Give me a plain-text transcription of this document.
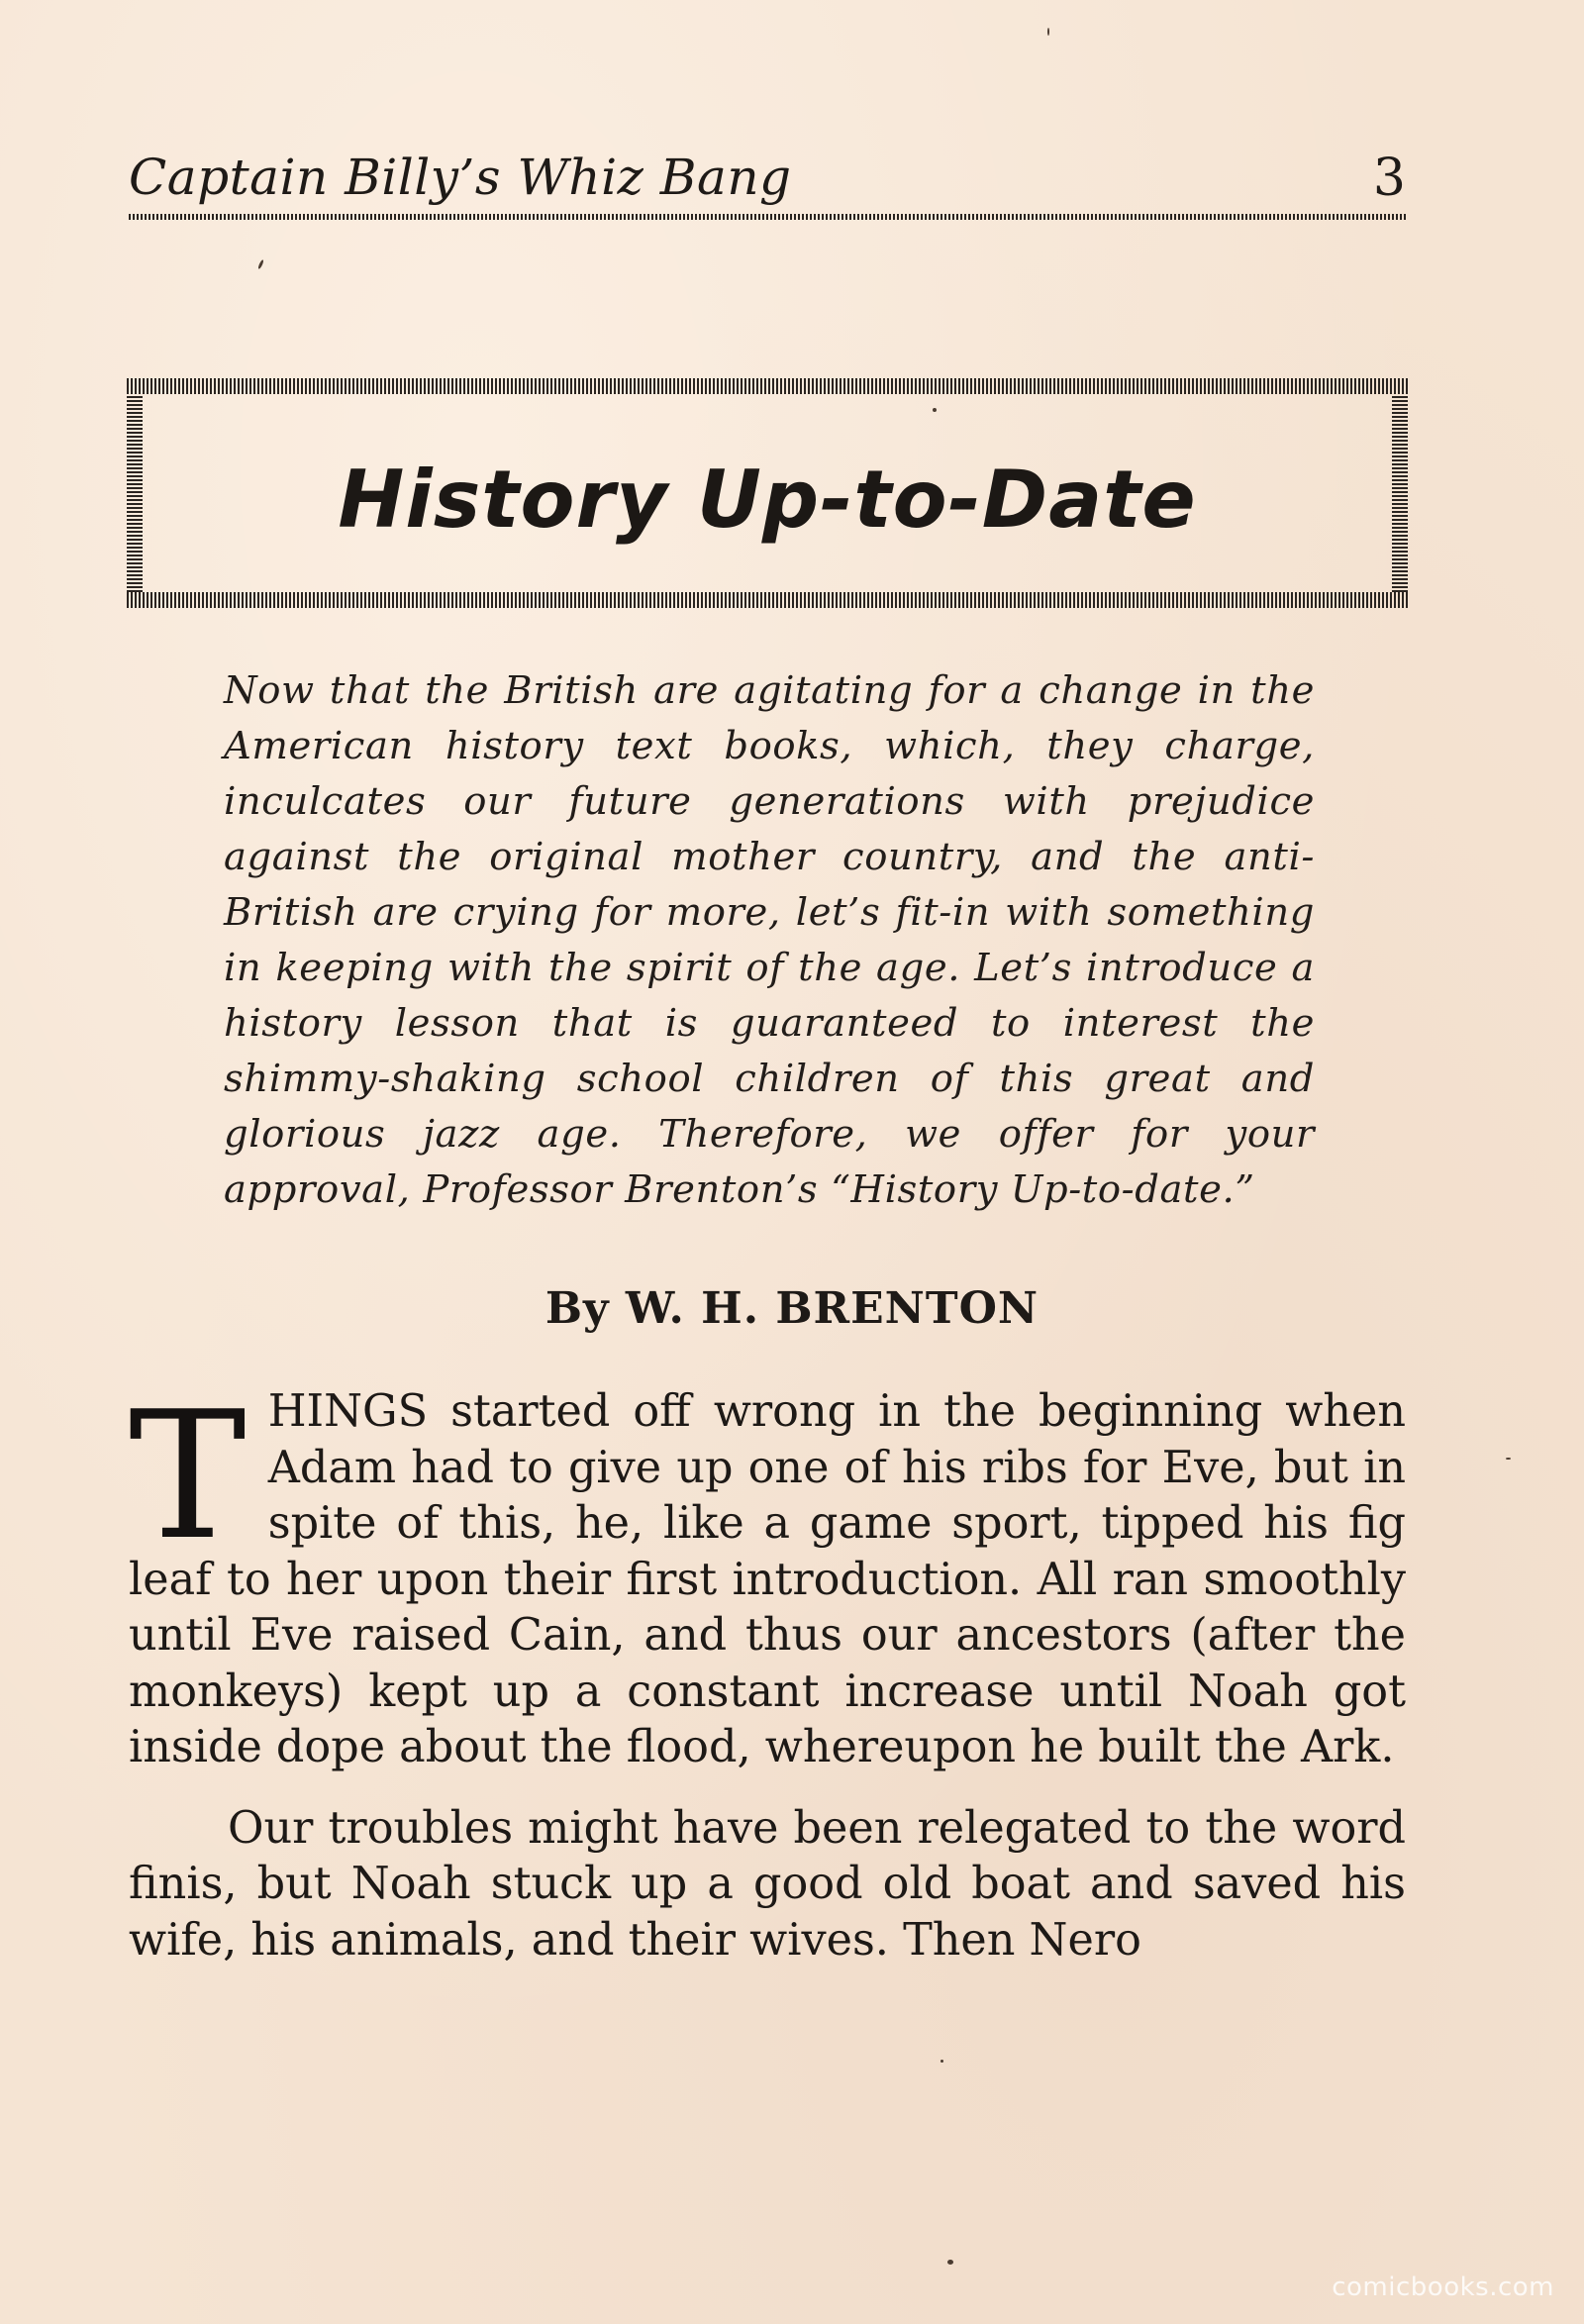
Captain Billy’s Whiz Bang	3
History Up-to-Date
Now that the British are agitating for a change in the American history text books, which, they charge, inculcates our future generations with prejudice against the original mother country, and the anti-British are crying for more, let’s fit-in with something in keeping with the spirit of the age. Let’s introduce a history lesson that is guaranteed to interest the shimmy-shaking school children of this great and glorious jazz age. Therefore, we offer for your approval, Professor Brenton’s “History Up-to-date.”
By W. H. BRENTON

THINGS started off wrong in the beginning when Adam had to give up one of his ribs for Eve, but in spite of this, he, like a game sport, tipped his fig leaf to her upon their first introduction. All ran smoothly until Eve raised Cain, and thus our ancestors (after the monkeys) kept up a constant increase until Noah got inside dope about the flood, whereupon he built the Ark.

Our troubles might have been relegated to the word finis, but Noah stuck up a good old boat and saved his wife, his animals, and their wives. Then Nero

comicbooks.com
